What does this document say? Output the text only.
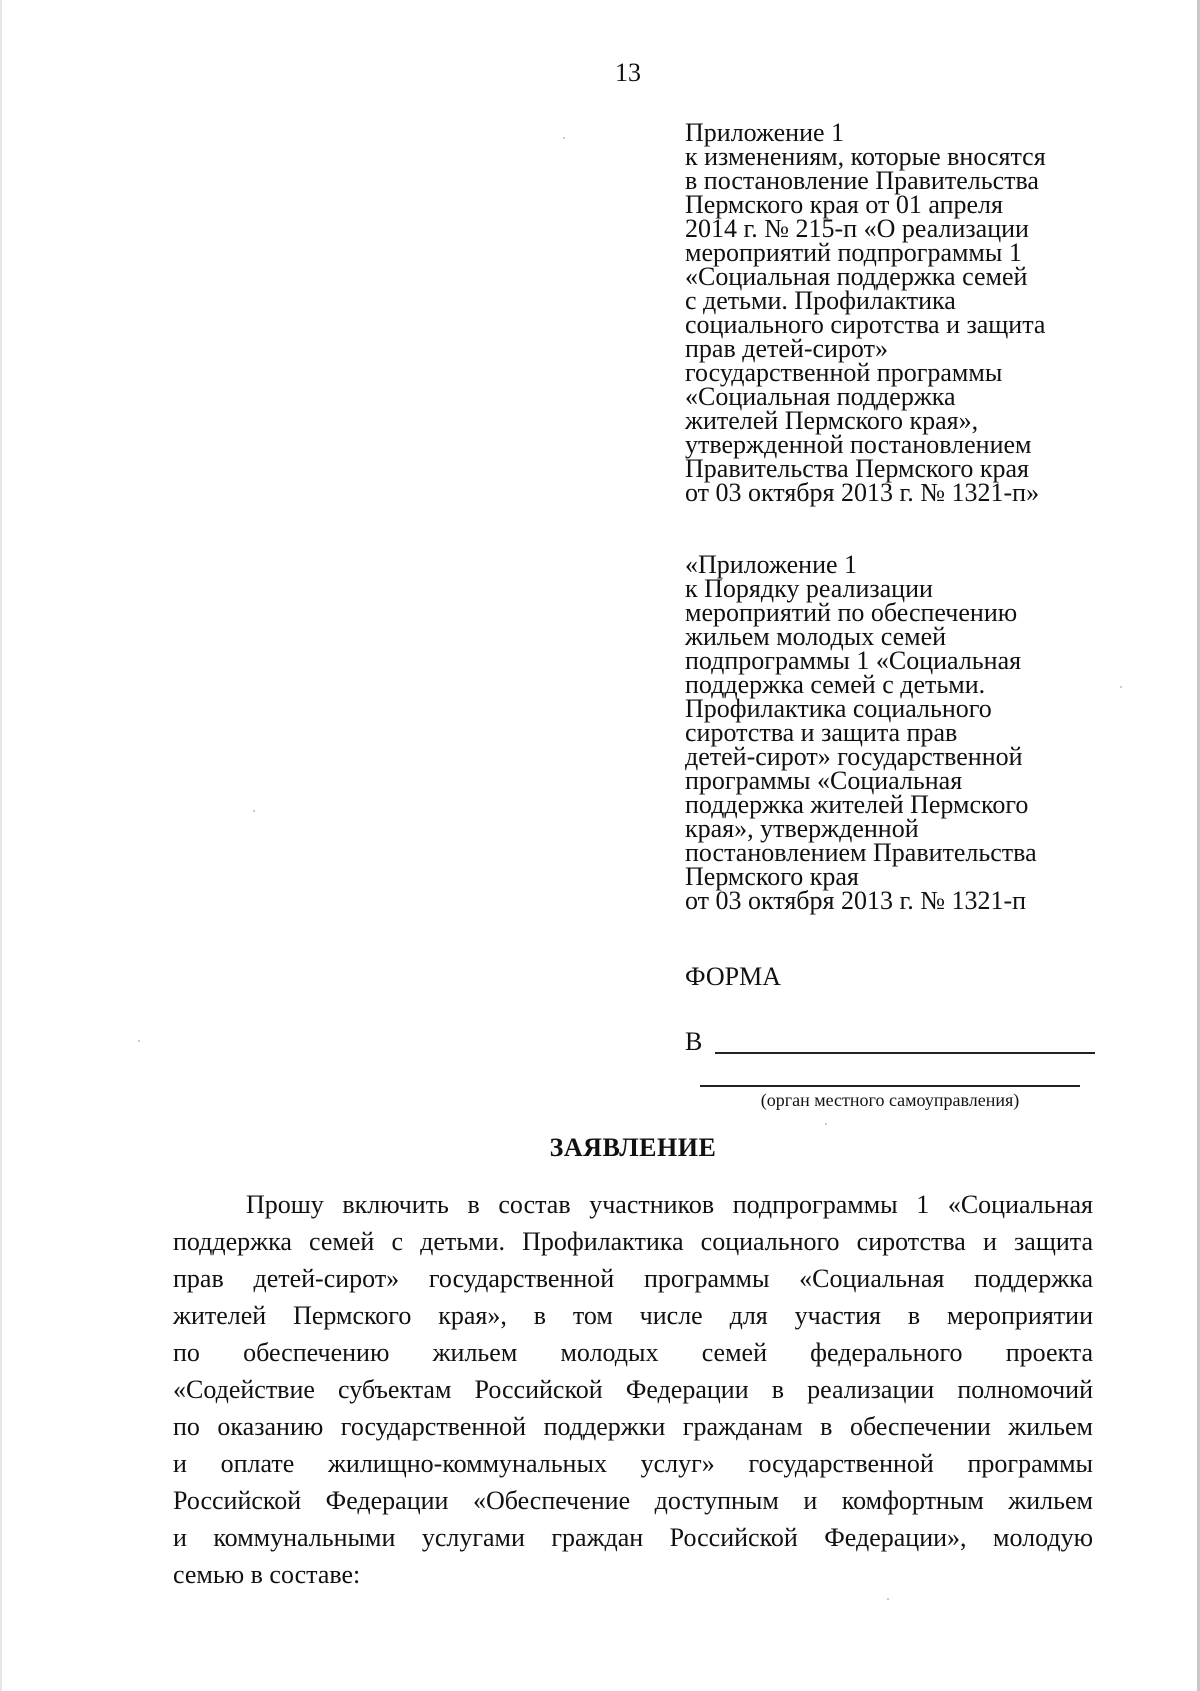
13
Приложение 1
к изменениям, которые вносятся
в постановление Правительства
Пермского края от 01 апреля
2014 г. № 215-п «О реализации
мероприятий подпрограммы 1
«Социальная поддержка семей
с детьми. Профилактика
социального сиротства и защита
прав детей-сирот»
государственной программы
«Социальная поддержка
жителей Пермского края»,
утвержденной постановлением
Правительства Пермского края
от 03 октября 2013 г. № 1321-п»
«Приложение 1
к Порядку реализации
мероприятий по обеспечению
жильем молодых семей
подпрограммы 1 «Социальная
поддержка семей с детьми.
Профилактика социального
сиротства и защита прав
детей-сирот» государственной
программы «Социальная
поддержка жителей Пермского
края», утвержденной
постановлением Правительства
Пермского края
от 03 октября 2013 г. № 1321-п
ФОРМА
В
(орган местного самоуправления)
ЗАЯВЛЕНИЕ
Прошу включить в состав участников подпрограммы 1 «Социальная
поддержка семей с детьми. Профилактика социального сиротства и защита
прав детей-сирот» государственной программы «Социальная поддержка
жителей Пермского края», в том числе для участия в мероприятии
по обеспечению жильем молодых семей федерального проекта
«Содействие субъектам Российской Федерации в реализации полномочий
по оказанию государственной поддержки гражданам в обеспечении жильем
и оплате жилищно-коммунальных услуг» государственной программы
Российской Федерации «Обеспечение доступным и комфортным жильем
и коммунальными услугами граждан Российской Федерации», молодую
семью в составе:
